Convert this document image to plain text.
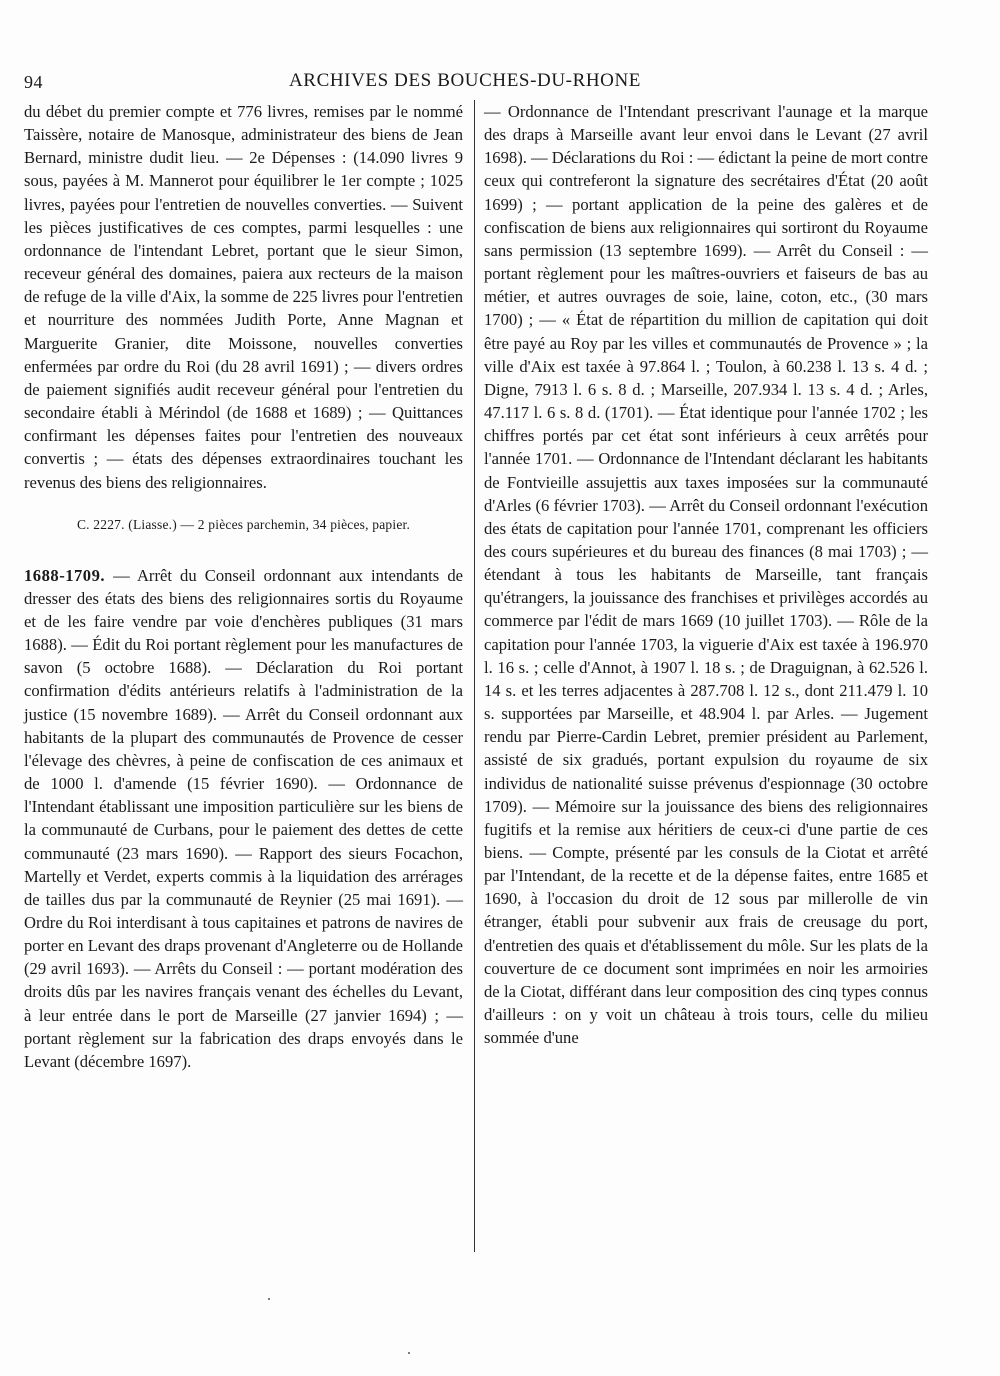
94	ARCHIVES DES BOUCHES-DU-RHONE

du débet du premier compte et 776 livres, remises par le nommé Taissère, notaire de Manosque, administrateur des biens de Jean Bernard, ministre dudit lieu. — 2e Dépenses : (14.090 livres 9 sous, payées à M. Mannerot pour équilibrer le 1er compte ; 1025 livres, payées pour l'entretien de nouvelles converties. — Suivent les pièces justificatives de ces comptes, parmi lesquelles : une ordonnance de l'intendant Lebret, portant que le sieur Simon, receveur général des domaines, paiera aux recteurs de la maison de refuge de la ville d'Aix, la somme de 225 livres pour l'entretien et nourriture des nommées Judith Porte, Anne Magnan et Marguerite Granier, dite Moissone, nouvelles converties enfermées par ordre du Roi (du 28 avril 1691) ; — divers ordres de paiement signifiés audit receveur général pour l'entretien du secondaire établi à Mérindol (de 1688 et 1689) ; — Quittances confirmant les dépenses faites pour l'entretien des nouveaux convertis ; — états des dépenses extraordinaires touchant les revenus des biens des religionnaires.

C. 2227. (Liasse.) — 2 pièces parchemin, 34 pièces, papier.

1688-1709. — Arrêt du Conseil ordonnant aux intendants de dresser des états des biens des religionnaires sortis du Royaume et de les faire vendre par voie d'enchères publiques (31 mars 1688). — Édit du Roi portant règlement pour les manufactures de savon (5 octobre 1688). — Déclaration du Roi portant confirmation d'édits antérieurs relatifs à l'administration de la justice (15 novembre 1689). — Arrêt du Conseil ordonnant aux habitants de la plupart des communautés de Provence de cesser l'élevage des chèvres, à peine de confiscation de ces animaux et de 1000 l. d'amende (15 février 1690). — Ordonnance de l'Intendant établissant une imposition particulière sur les biens de la communauté de Curbans, pour le paiement des dettes de cette communauté (23 mars 1690). — Rapport des sieurs Focachon, Martelly et Verdet, experts commis à la liquidation des arrérages de tailles dus par la communauté de Reynier (25 mai 1691). — Ordre du Roi interdisant à tous capitaines et patrons de navires de porter en Levant des draps provenant d'Angleterre ou de Hollande (29 avril 1693). — Arrêts du Conseil : — portant modération des droits dûs par les navires français venant des échelles du Levant, à leur entrée dans le port de Marseille (27 janvier 1694) ; — portant règlement sur la fabrication des draps envoyés dans le Levant (décembre 1697).

— Ordonnance de l'Intendant prescrivant l'aunage et la marque des draps à Marseille avant leur envoi dans le Levant (27 avril 1698). — Déclarations du Roi : — édictant la peine de mort contre ceux qui contreferont la signature des secrétaires d'État (20 août 1699) ; — portant application de la peine des galères et de confiscation de biens aux religionnaires qui sortiront du Royaume sans permission (13 septembre 1699). — Arrêt du Conseil : — portant règlement pour les maîtres-ouvriers et faiseurs de bas au métier, et autres ouvrages de soie, laine, coton, etc., (30 mars 1700) ; — « État de répartition du million de capitation qui doit être payé au Roy par les villes et communautés de Provence » ; la ville d'Aix est taxée à 97.864 l. ; Toulon, à 60.238 l. 13 s. 4 d. ; Digne, 7913 l. 6 s. 8 d. ; Marseille, 207.934 l. 13 s. 4 d. ; Arles, 47.117 l. 6 s. 8 d. (1701). — État identique pour l'année 1702 ; les chiffres portés par cet état sont inférieurs à ceux arrêtés pour l'année 1701. — Ordonnance de l'Intendant déclarant les habitants de Fontvieille assujettis aux taxes imposées sur la communauté d'Arles (6 février 1703). — Arrêt du Conseil ordonnant l'exécution des états de capitation pour l'année 1701, comprenant les officiers des cours supérieures et du bureau des finances (8 mai 1703) ; — étendant à tous les habitants de Marseille, tant français qu'étrangers, la jouissance des franchises et privilèges accordés au commerce par l'édit de mars 1669 (10 juillet 1703). — Rôle de la capitation pour l'année 1703, la viguerie d'Aix est taxée à 196.970 l. 16 s. ; celle d'Annot, à 1907 l. 18 s. ; de Draguignan, à 62.526 l. 14 s. et les terres adjacentes à 287.708 l. 12 s., dont 211.479 l. 10 s. supportées par Marseille, et 48.904 l. par Arles. — Jugement rendu par Pierre-Cardin Lebret, premier président au Parlement, assisté de six gradués, portant expulsion du royaume de six individus de nationalité suisse prévenus d'espionnage (30 octobre 1709). — Mémoire sur la jouissance des biens des religionnaires fugitifs et la remise aux héritiers de ceux-ci d'une partie de ces biens. — Compte, présenté par les consuls de la Ciotat et arrêté par l'Intendant, de la recette et de la dépense faites, entre 1685 et 1690, à l'occasion du droit de 12 sous par millerolle de vin étranger, établi pour subvenir aux frais de creusage du port, d'entretien des quais et d'établissement du môle. Sur les plats de la couverture de ce document sont imprimées en noir les armoiries de la Ciotat, différant dans leur composition des cinq types connus d'ailleurs : on y voit un château à trois tours, celle du milieu sommée d'une
